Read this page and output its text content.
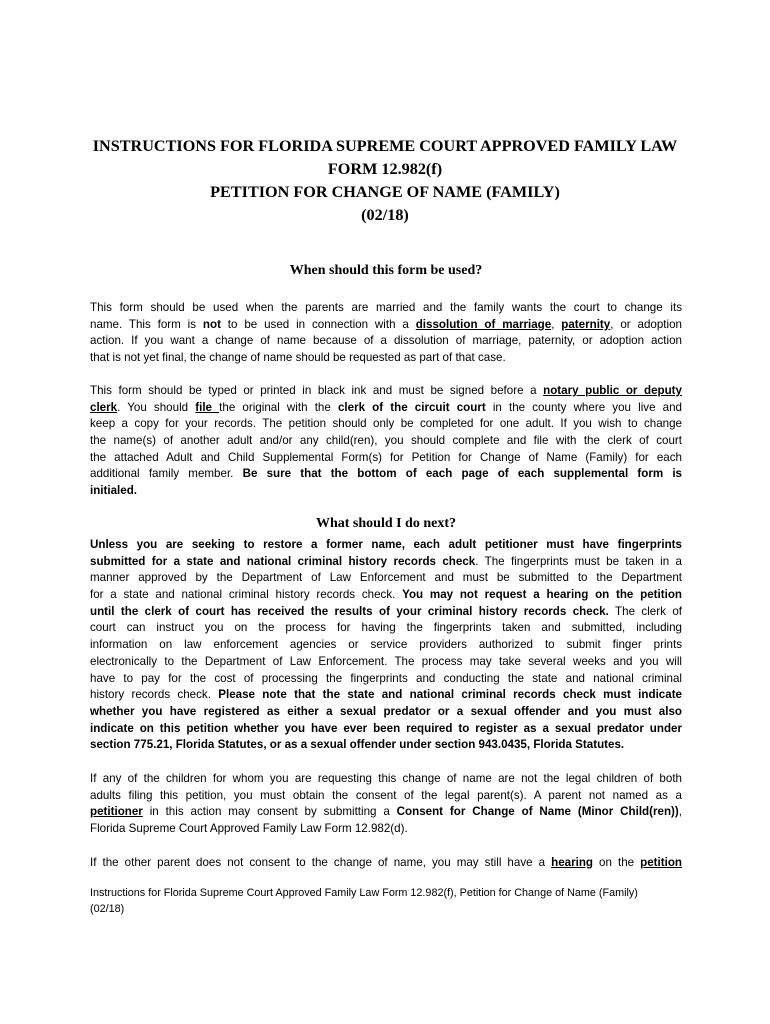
INSTRUCTIONS FOR FLORIDA SUPREME COURT APPROVED FAMILY LAW
FORM 12.982(f)
PETITION FOR CHANGE OF NAME (FAMILY)
(02/18)
When should this form be used?
This form should be used when the parents are married and the family wants the court to change its
name. This form is not to be used in connection with a dissolution of marriage, paternity, or adoption
action. If you want a change of name because of a dissolution of marriage, paternity, or adoption action
that is not yet final, the change of name should be requested as part of that case.
This form should be typed or printed in black ink and must be signed before a notary public or deputy
clerk. You should file the original with the clerk of the circuit court in the county where you live and
keep a copy for your records. The petition should only be completed for one adult. If you wish to change
the name(s) of another adult and/or any child(ren), you should complete and file with the clerk of court
the attached Adult and Child Supplemental Form(s) for Petition for Change of Name (Family) for each
additional family member. Be sure that the bottom of each page of each supplemental form is
initialed.
What should I do next?
Unless you are seeking to restore a former name, each adult petitioner must have fingerprints
submitted for a state and national criminal history records check. The fingerprints must be taken in a
manner approved by the Department of Law Enforcement and must be submitted to the Department
for a state and national criminal history records check. You may not request a hearing on the petition
until the clerk of court has received the results of your criminal history records check. The clerk of
court can instruct you on the process for having the fingerprints taken and submitted, including
information on law enforcement agencies or service providers authorized to submit finger prints
electronically to the Department of Law Enforcement. The process may take several weeks and you will
have to pay for the cost of processing the fingerprints and conducting the state and national criminal
history records check. Please note that the state and national criminal records check must indicate
whether you have registered as either a sexual predator or a sexual offender and you must also
indicate on this petition whether you have ever been required to register as a sexual predator under
section 775.21, Florida Statutes, or as a sexual offender under section 943.0435, Florida Statutes.
If any of the children for whom you are requesting this change of name are not the legal children of both
adults filing this petition, you must obtain the consent of the legal parent(s). A parent not named as a
petitioner in this action may consent by submitting a Consent for Change of Name (Minor Child(ren)),
Florida Supreme Court Approved Family Law Form 12.982(d).
If the other parent does not consent to the change of name, you may still have a hearing on the petition
Instructions for Florida Supreme Court Approved Family Law Form 12.982(f), Petition for Change of Name (Family)
(02/18)
